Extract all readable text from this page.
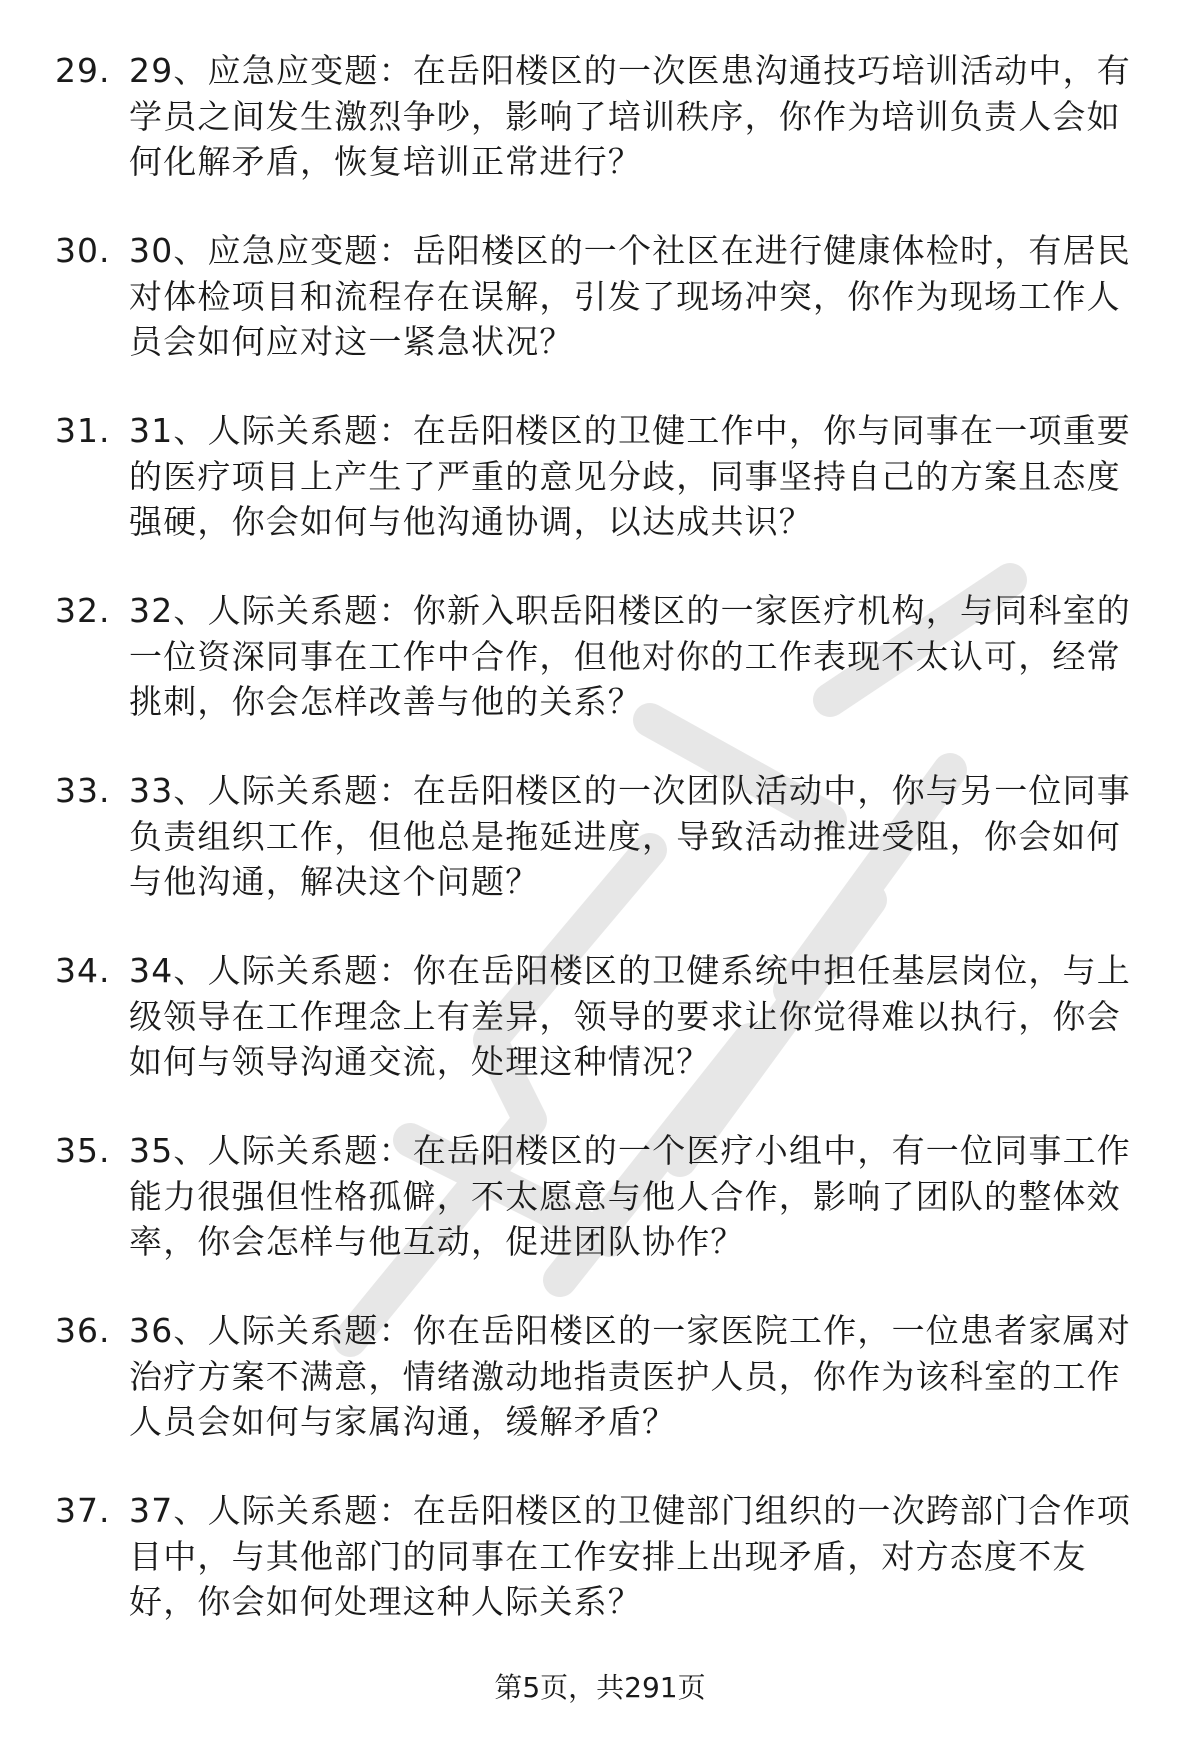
29. 29、应急应变题：在岳阳楼区的一次医患沟通技巧培训活动中，有学员之间发生激烈争吵，影响了培训秩序，你作为培训负责人会如何化解矛盾，恢复培训正常进行？
30. 30、应急应变题：岳阳楼区的一个社区在进行健康体检时，有居民对体检项目和流程存在误解，引发了现场冲突，你作为现场工作人员会如何应对这一紧急状况？
31. 31、人际关系题：在岳阳楼区的卫健工作中，你与同事在一项重要的医疗项目上产生了严重的意见分歧，同事坚持自己的方案且态度强硬，你会如何与他沟通协调，以达成共识？
32. 32、人际关系题：你新入职岳阳楼区的一家医疗机构，与同科室的一位资深同事在工作中合作，但他对你的工作表现不太认可，经常挑刺，你会怎样改善与他的关系？
33. 33、人际关系题：在岳阳楼区的一次团队活动中，你与另一位同事负责组织工作，但他总是拖延进度，导致活动推进受阻，你会如何与他沟通，解决这个问题？
34. 34、人际关系题：你在岳阳楼区的卫健系统中担任基层岗位，与上级领导在工作理念上有差异，领导的要求让你觉得难以执行，你会如何与领导沟通交流，处理这种情况？
35. 35、人际关系题：在岳阳楼区的一个医疗小组中，有一位同事工作能力很强但性格孤僻，不太愿意与他人合作，影响了团队的整体效率，你会怎样与他互动，促进团队协作？
36. 36、人际关系题：你在岳阳楼区的一家医院工作，一位患者家属对治疗方案不满意，情绪激动地指责医护人员，你作为该科室的工作人员会如何与家属沟通，缓解矛盾？
37. 37、人际关系题：在岳阳楼区的卫健部门组织的一次跨部门合作项目中，与其他部门的同事在工作安排上出现矛盾，对方态度不友好，你会如何处理这种人际关系？
第5页，共291页
